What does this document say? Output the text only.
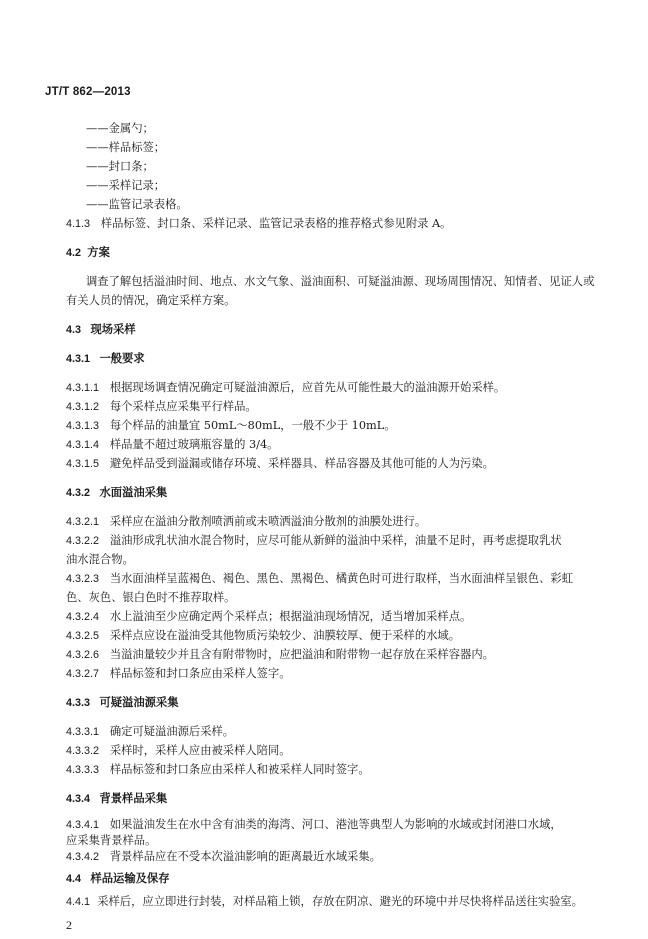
JT/T 862—2013
——金属勺；
——样品标签；
——封口条；
——采样记录；
——监管记录表格。
4.1.3 样品标签、封口条、采样记录、监管记录表格的推荐格式参见附录 A。
4.2 方案
调查了解包括溢油时间、地点、水文气象、溢油面积、可疑溢油源、现场周围情况、知情者、见证人或
有关人员的情况，确定采样方案。
4.3 现场采样
4.3.1 一般要求
4.3.1.1 根据现场调查情况确定可疑溢油源后，应首先从可能性最大的溢油源开始采样。
4.3.1.2 每个采样点应采集平行样品。
4.3.1.3 每个样品的油量宜 50mL～80mL，一般不少于 10mL。
4.3.1.4 样品量不超过玻璃瓶容量的 3/4。
4.3.1.5 避免样品受到溢漏或储存环境、采样器具、样品容器及其他可能的人为污染。
4.3.2 水面溢油采集
4.3.2.1 采样应在溢油分散剂喷洒前或未喷洒溢油分散剂的油膜处进行。
4.3.2.2 溢油形成乳状油水混合物时，应尽可能从新鲜的溢油中采样，油量不足时，再考虑提取乳状
油水混合物。
4.3.2.3 当水面油样呈蓝褐色、褐色、黑色、黑褐色、橘黄色时可进行取样，当水面油样呈银色、彩虹
色、灰色、银白色时不推荐取样。
4.3.2.4 水上溢油至少应确定两个采样点；根据溢油现场情况，适当增加采样点。
4.3.2.5 采样点应设在溢油受其他物质污染较少、油膜较厚、便于采样的水域。
4.3.2.6 当溢油量较少并且含有附带物时，应把溢油和附带物一起存放在采样容器内。
4.3.2.7 样品标签和封口条应由采样人签字。
4.3.3 可疑溢油源采集
4.3.3.1 确定可疑溢油源后采样。
4.3.3.2 采样时，采样人应由被采样人陪同。
4.3.3.3 样品标签和封口条应由采样人和被采样人同时签字。
4.3.4 背景样品采集
4.3.4.1 如果溢油发生在水中含有油类的海湾、河口、港池等典型人为影响的水域或封闭港口水域，
应采集背景样品。
4.3.4.2 背景样品应在不受本次溢油影响的距离最近水域采集。
4.4 样品运输及保存
4.4.1 采样后，应立即进行封装，对样品箱上锁，存放在阴凉、避光的环境中并尽快将样品送往实验室。
2
